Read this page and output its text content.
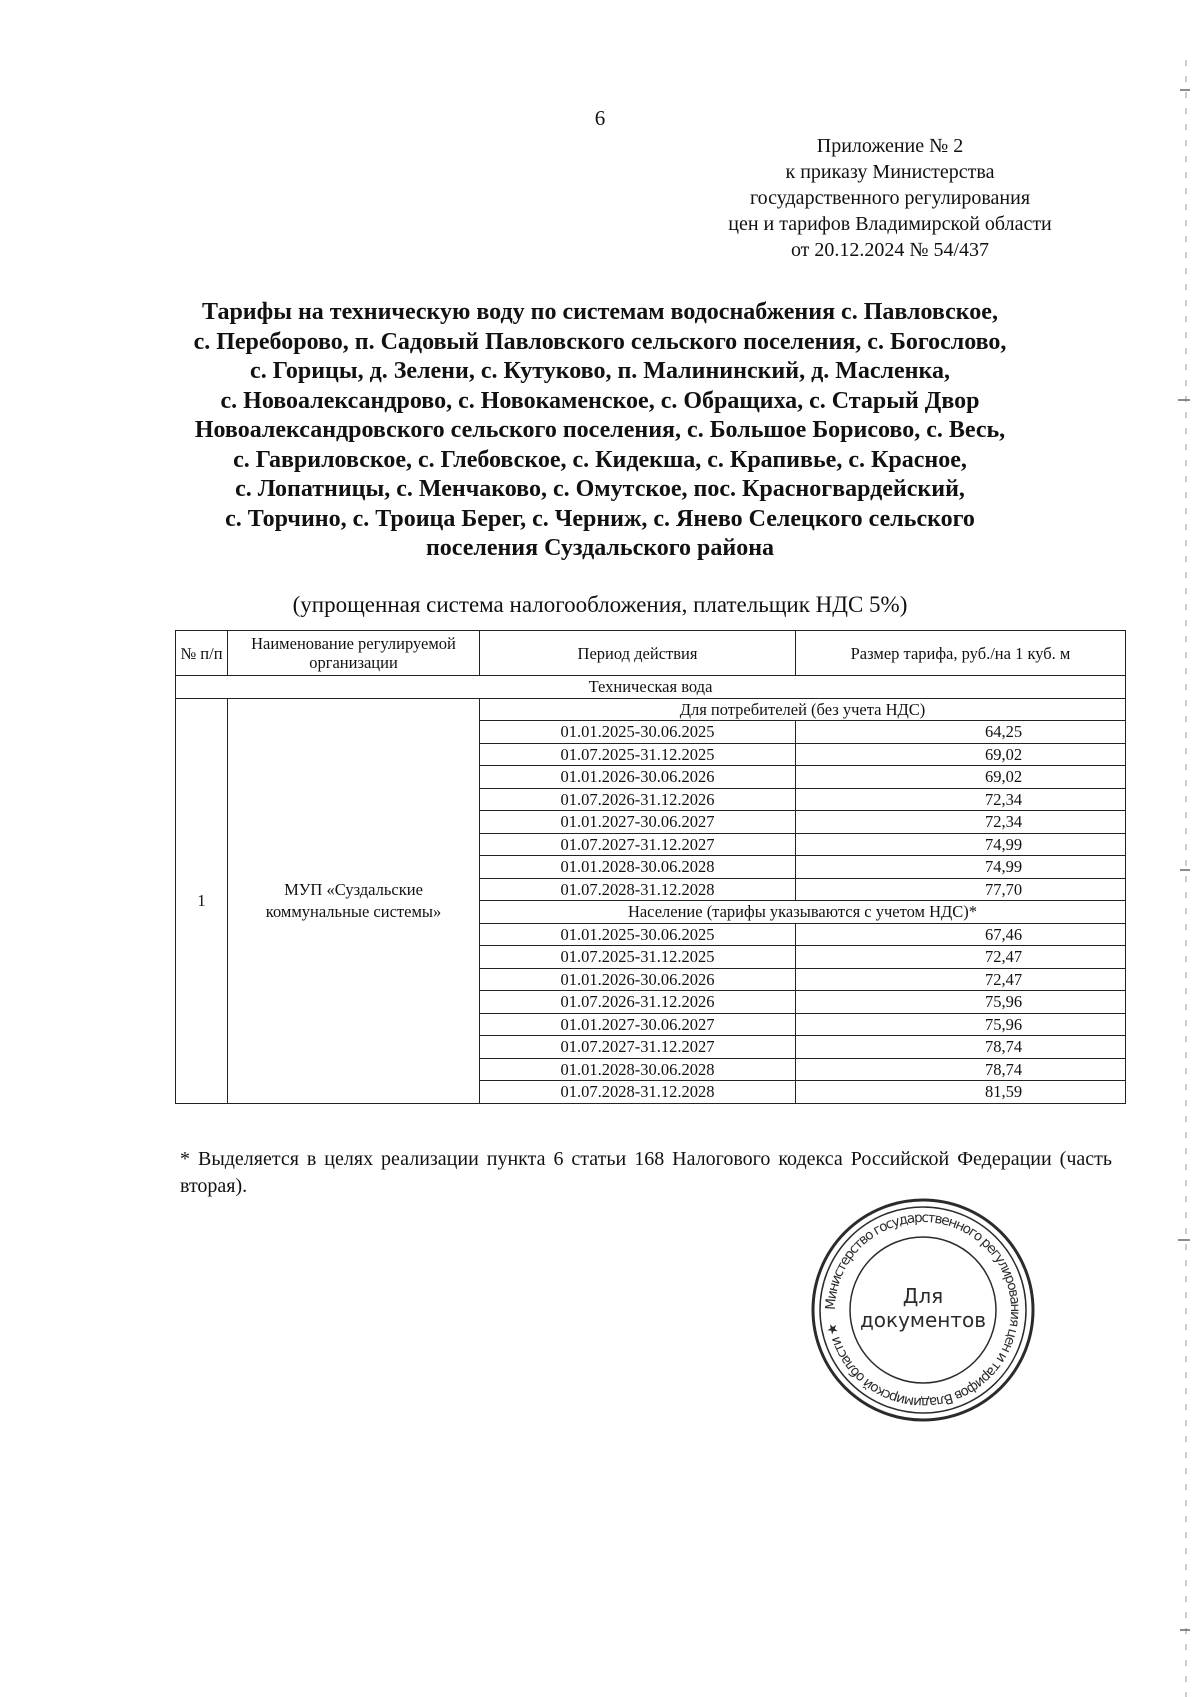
6
Приложение № 2
к приказу Министерства
государственного регулирования
цен и тарифов Владимирской области
от 20.12.2024 № 54/437
Тарифы на техническую воду по системам водоснабжения с. Павловское,
с. Переборово, п. Садовый Павловского сельского поселения, с. Богослово,
с. Горицы, д. Зелени, с. Кутуково, п. Малининский, д. Масленка,
с. Новоалександрово, с. Новокаменское, с. Обращиха, с. Старый Двор
Новоалександровского сельского поселения, с. Большое Борисово, с. Весь,
с. Гавриловское, с. Глебовское, с. Кидекша, с. Крапивье, с. Красное,
с. Лопатницы, с. Менчаково, с. Омутское, пос. Красногвардейский,
с. Торчино, с. Троица Берег, с. Черниж, с. Янево Селецкого сельского
поселения Суздальского района
(упрощенная система налогообложения, плательщик НДС 5%)
№ п/п	Наименование регулируемой организации	Период действия	Размер тарифа, руб./на 1 куб. м
Техническая вода			
1	МУП «Суздальские коммунальные системы»	Для потребителей (без учета НДС)	
		01.01.2025-30.06.2025	64,25
		01.07.2025-31.12.2025	69,02
		01.01.2026-30.06.2026	69,02
		01.07.2026-31.12.2026	72,34
		01.01.2027-30.06.2027	72,34
		01.07.2027-31.12.2027	74,99
		01.01.2028-30.06.2028	74,99
		01.07.2028-31.12.2028	77,70
		Население (тарифы указываются с учетом НДС)*	
		01.01.2025-30.06.2025	67,46
		01.07.2025-31.12.2025	72,47
		01.01.2026-30.06.2026	72,47
		01.07.2026-31.12.2026	75,96
		01.01.2027-30.06.2027	75,96
		01.07.2027-31.12.2027	78,74
		01.01.2028-30.06.2028	78,74
		01.07.2028-31.12.2028	81,59
* Выделяется в целях реализации пункта 6 статьи 168 Налогового кодекса Российской Федерации (часть вторая).
Министерство государственного регулирования цен и тарифов Владимирской области ★
Для
документов
